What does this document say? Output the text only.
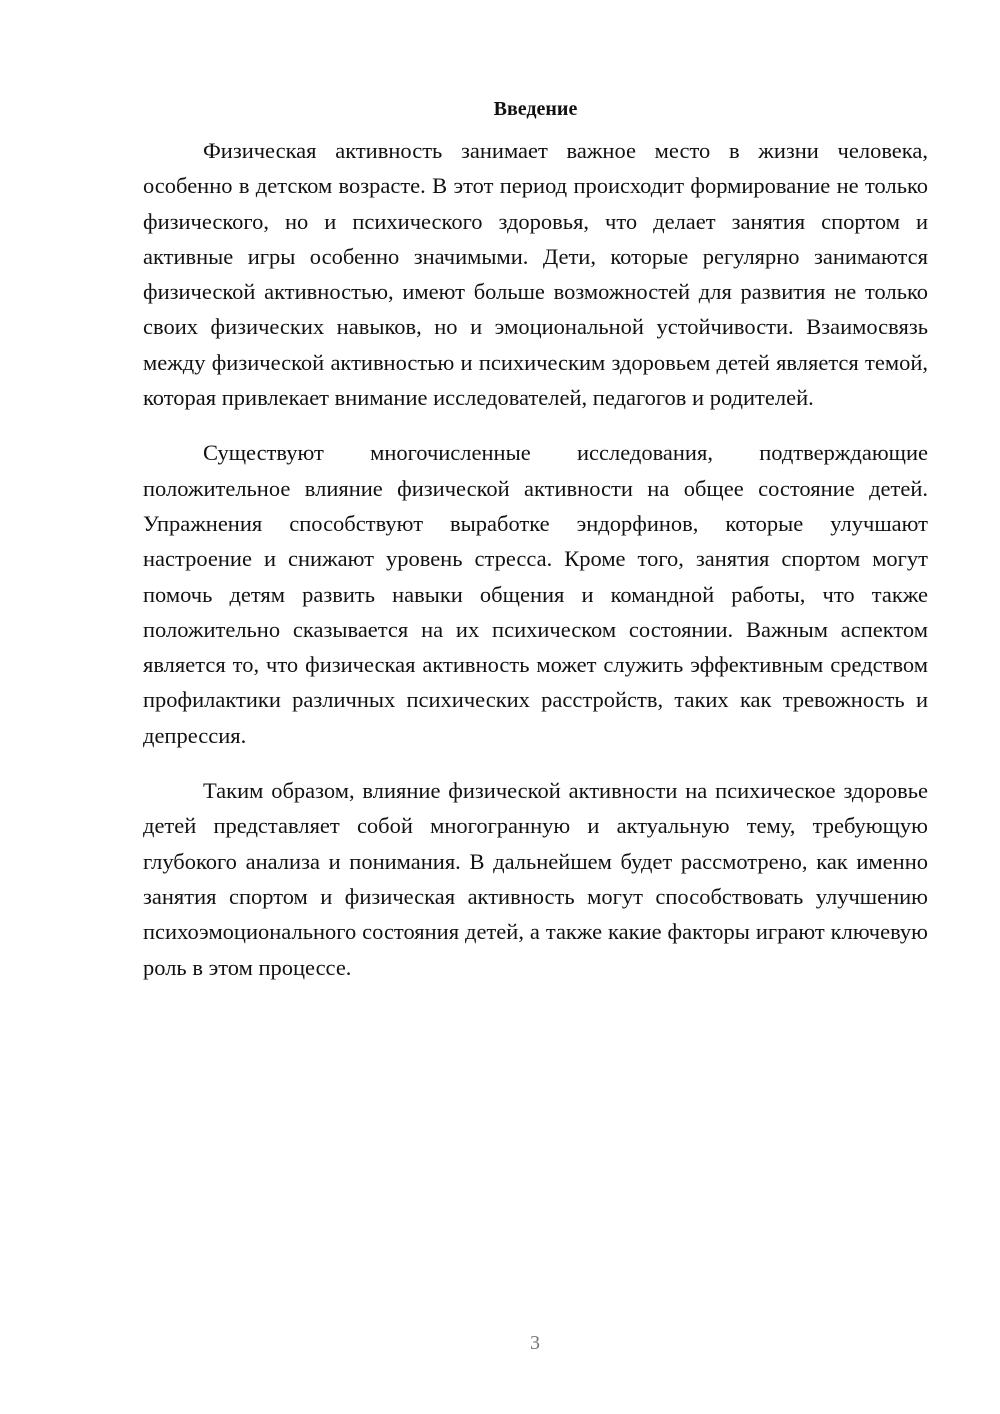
Введение

Физическая активность занимает важное место в жизни человека, особенно в детском возрасте. В этот период происходит формирование не только физического, но и психического здоровья, что делает занятия спортом и активные игры особенно значимыми. Дети, которые регулярно занимаются физической активностью, имеют больше возможностей для развития не только своих физических навыков, но и эмоциональной устойчивости. Взаимосвязь между физической активностью и психическим здоровьем детей является темой, которая привлекает внимание исследователей, педагогов и родителей.

Существуют многочисленные исследования, подтверждающие положительное влияние физической активности на общее состояние детей. Упражнения способствуют выработке эндорфинов, которые улучшают настроение и снижают уровень стресса. Кроме того, занятия спортом могут помочь детям развить навыки общения и командной работы, что также положительно сказывается на их психическом состоянии. Важным аспектом является то, что физическая активность может служить эффективным средством профилактики различных психических расстройств, таких как тревожность и депрессия.

Таким образом, влияние физической активности на психическое здоровье детей представляет собой многогранную и актуальную тему, требующую глубокого анализа и понимания. В дальнейшем будет рассмотрено, как именно занятия спортом и физическая активность могут способствовать улучшению психоэмоционального состояния детей, а также какие факторы играют ключевую роль в этом процессе.

3
